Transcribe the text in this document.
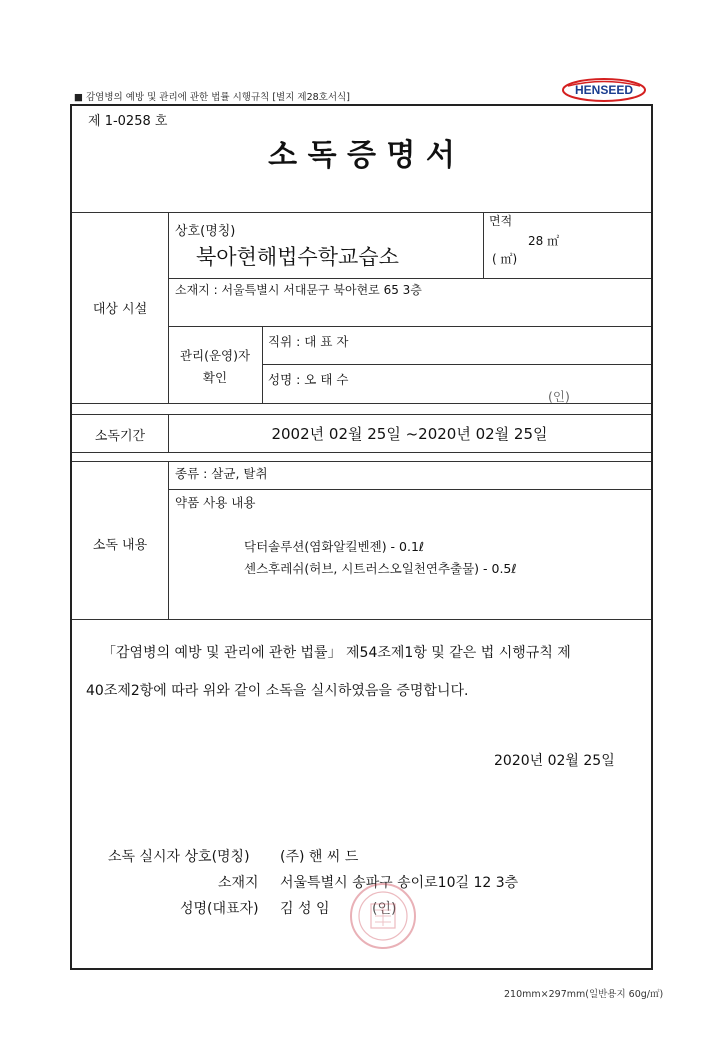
■ 감염병의 예방 및 관리에 관한 법률 시행규칙 [별지 제28호서식]
HENSEED
제 1-0258 호
소 독 증 명 서
대상 시설
상호(명칭)
북아현해법수학교습소
면적
28 ㎡
( ㎡)
소재지 : 서울특별시 서대문구 북아현로 65 3층
관리(운영)자
확인
직위 : 대 표 자
성명 : 오 태 수
(인)
소독기간	2002년 02월 25일 ~2020년 02월 25일
소독 내용
종류 : 살균, 탈취
약품 사용 내용
닥터솔루션(염화알킬벤젠) - 0.1ℓ
센스후레쉬(허브, 시트러스오일천연추출물) - 0.5ℓ
「감염병의 예방 및 관리에 관한 법률」 제54조제1항 및 같은 법 시행규칙 제
40조제2항에 따라 위와 같이 소독을 실시하였음을 증명합니다.
2020년 02월 25일
소독 실시자 상호(명칭) (주) 핸 씨 드
소재지 서울특별시 송파구 송이로10길 12 3층
성명(대표자) 김 성 임	(인)
210mm×297mm(일반용지 60g/㎡)
